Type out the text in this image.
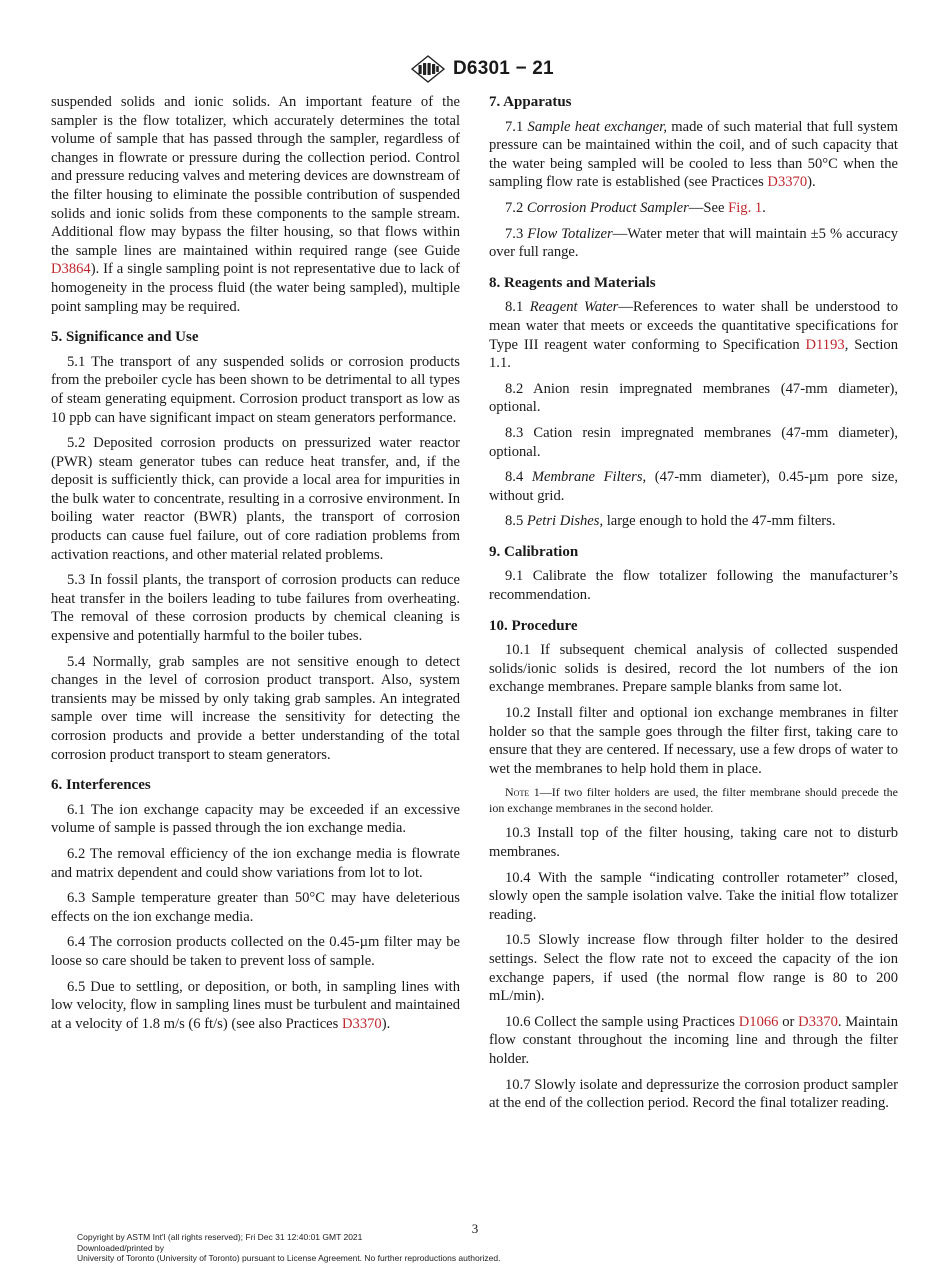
D6301 − 21

suspended solids and ionic solids. An important feature of the sampler is the flow totalizer, which accurately determines the total volume of sample that has passed through the sampler, regardless of changes in flowrate or pressure during the collection period. Control and pressure reducing valves and metering devices are downstream of the filter housing to eliminate the possible contribution of suspended solids and ionic solids from these components to the sample stream. Additional flow may bypass the filter housing, so that flows within the sample lines are maintained within required range (see Guide D3864). If a single sampling point is not representative due to lack of homogeneity in the process fluid (the water being sampled), multiple point sampling may be required.

5. Significance and Use

5.1 The transport of any suspended solids or corrosion products from the preboiler cycle has been shown to be detrimental to all types of steam generating equipment. Corrosion product transport as low as 10 ppb can have significant impact on steam generators performance.

5.2 Deposited corrosion products on pressurized water reactor (PWR) steam generator tubes can reduce heat transfer, and, if the deposit is sufficiently thick, can provide a local area for impurities in the bulk water to concentrate, resulting in a corrosive environment. In boiling water reactor (BWR) plants, the transport of corrosion products can cause fuel failure, out of core radiation problems from activation reactions, and other material related problems.

5.3 In fossil plants, the transport of corrosion products can reduce heat transfer in the boilers leading to tube failures from overheating. The removal of these corrosion products by chemical cleaning is expensive and potentially harmful to the boiler tubes.

5.4 Normally, grab samples are not sensitive enough to detect changes in the level of corrosion product transport. Also, system transients may be missed by only taking grab samples. An integrated sample over time will increase the sensitivity for detecting the corrosion products and provide a better understanding of the total corrosion product transport to steam generators.

6. Interferences

6.1 The ion exchange capacity may be exceeded if an excessive volume of sample is passed through the ion exchange media.

6.2 The removal efficiency of the ion exchange media is flowrate and matrix dependent and could show variations from lot to lot.

6.3 Sample temperature greater than 50°C may have deleterious effects on the ion exchange media.

6.4 The corrosion products collected on the 0.45-µm filter may be loose so care should be taken to prevent loss of sample.

6.5 Due to settling, or deposition, or both, in sampling lines with low velocity, flow in sampling lines must be turbulent and maintained at a velocity of 1.8 m/s (6 ft/s) (see also Practices D3370).

7. Apparatus

7.1 Sample heat exchanger, made of such material that full system pressure can be maintained within the coil, and of such capacity that the water being sampled will be cooled to less than 50°C when the sampling flow rate is established (see Practices D3370).

7.2 Corrosion Product Sampler—See Fig. 1.

7.3 Flow Totalizer—Water meter that will maintain ±5 % accuracy over full range.

8. Reagents and Materials

8.1 Reagent Water—References to water shall be understood to mean water that meets or exceeds the quantitative specifications for Type III reagent water conforming to Specification D1193, Section 1.1.

8.2 Anion resin impregnated membranes (47-mm diameter), optional.

8.3 Cation resin impregnated membranes (47-mm diameter), optional.

8.4 Membrane Filters, (47-mm diameter), 0.45-µm pore size, without grid.

8.5 Petri Dishes, large enough to hold the 47-mm filters.

9. Calibration

9.1 Calibrate the flow totalizer following the manufacturer’s recommendation.

10. Procedure

10.1 If subsequent chemical analysis of collected suspended solids/ionic solids is desired, record the lot numbers of the ion exchange membranes. Prepare sample blanks from same lot.

10.2 Install filter and optional ion exchange membranes in filter holder so that the sample goes through the filter first, taking care to ensure that they are centered. If necessary, use a few drops of water to wet the membranes to help hold them in place.

Note 1—If two filter holders are used, the filter membrane should precede the ion exchange membranes in the second holder.

10.3 Install top of the filter housing, taking care not to disturb membranes.

10.4 With the sample “indicating controller rotameter” closed, slowly open the sample isolation valve. Take the initial flow totalizer reading.

10.5 Slowly increase flow through filter holder to the desired settings. Select the flow rate not to exceed the capacity of the ion exchange papers, if used (the normal flow range is 80 to 200 mL/min).

10.6 Collect the sample using Practices D1066 or D3370. Maintain flow constant throughout the incoming line and through the filter holder.

10.7 Slowly isolate and depressurize the corrosion product sampler at the end of the collection period. Record the final totalizer reading.

3
Copyright by ASTM Int'l (all rights reserved); Fri Dec 31 12:40:01 GMT 2021
Downloaded/printed by
University of Toronto (University of Toronto) pursuant to License Agreement. No further reproductions authorized.
